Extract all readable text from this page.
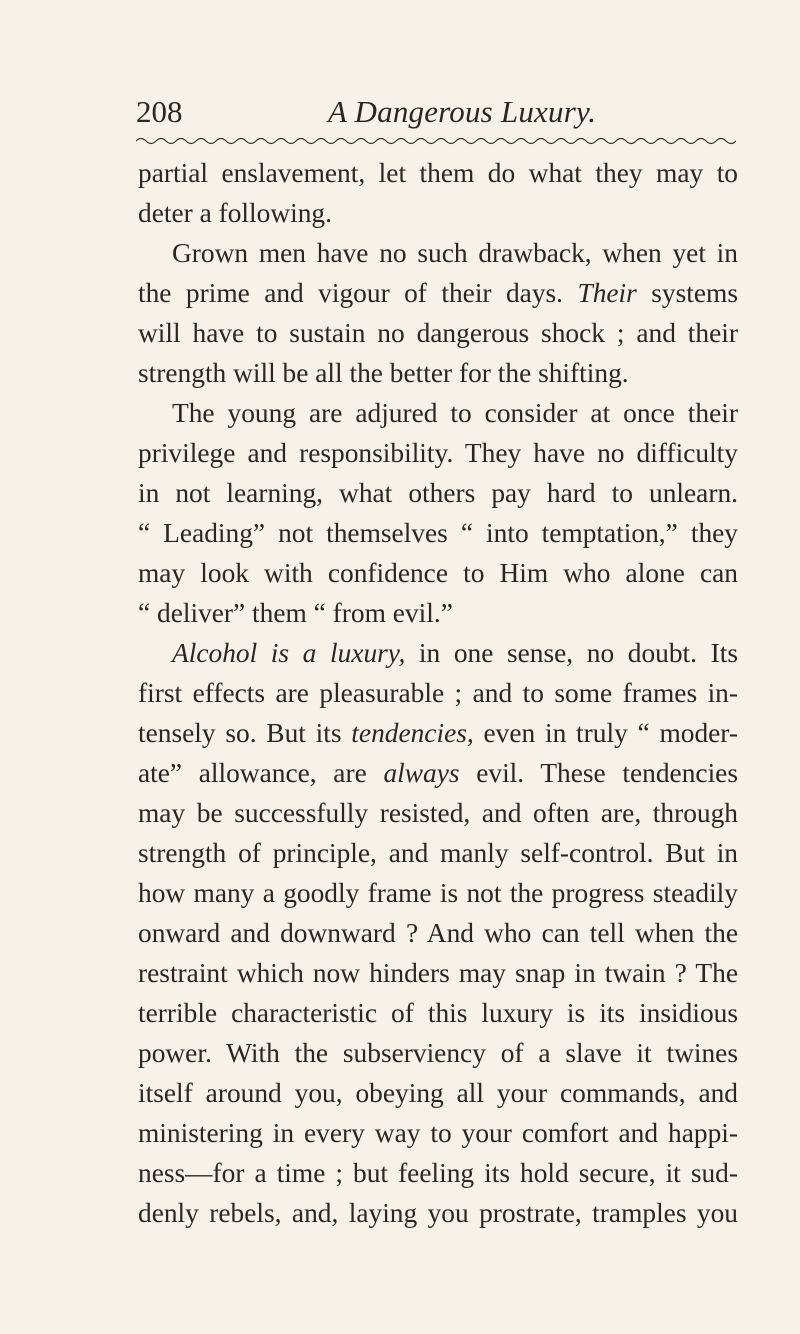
208	A Dangerous Luxury.
partial enslavement, let them do what they may to
deter a following.
Grown men have no such drawback, when yet in
the prime and vigour of their days. Their systems
will have to sustain no dangerous shock ; and their
strength will be all the better for the shifting.
The young are adjured to consider at once their
privilege and responsibility. They have no difficulty
in not learning, what others pay hard to unlearn.
“ Leading” not themselves “ into temptation,” they
may look with confidence to Him who alone can
“ deliver” them “ from evil.”
Alcohol is a luxury, in one sense, no doubt. Its
first effects are pleasurable ; and to some frames in-
tensely so. But its tendencies, even in truly “ moder-
ate” allowance, are always evil. These tendencies
may be successfully resisted, and often are, through
strength of principle, and manly self-control. But in
how many a goodly frame is not the progress steadily
onward and downward ? And who can tell when the
restraint which now hinders may snap in twain ? The
terrible characteristic of this luxury is its insidious
power. With the subserviency of a slave it twines
itself around you, obeying all your commands, and
ministering in every way to your comfort and happi-
ness—for a time ; but feeling its hold secure, it sud-
denly rebels, and, laying you prostrate, tramples you
